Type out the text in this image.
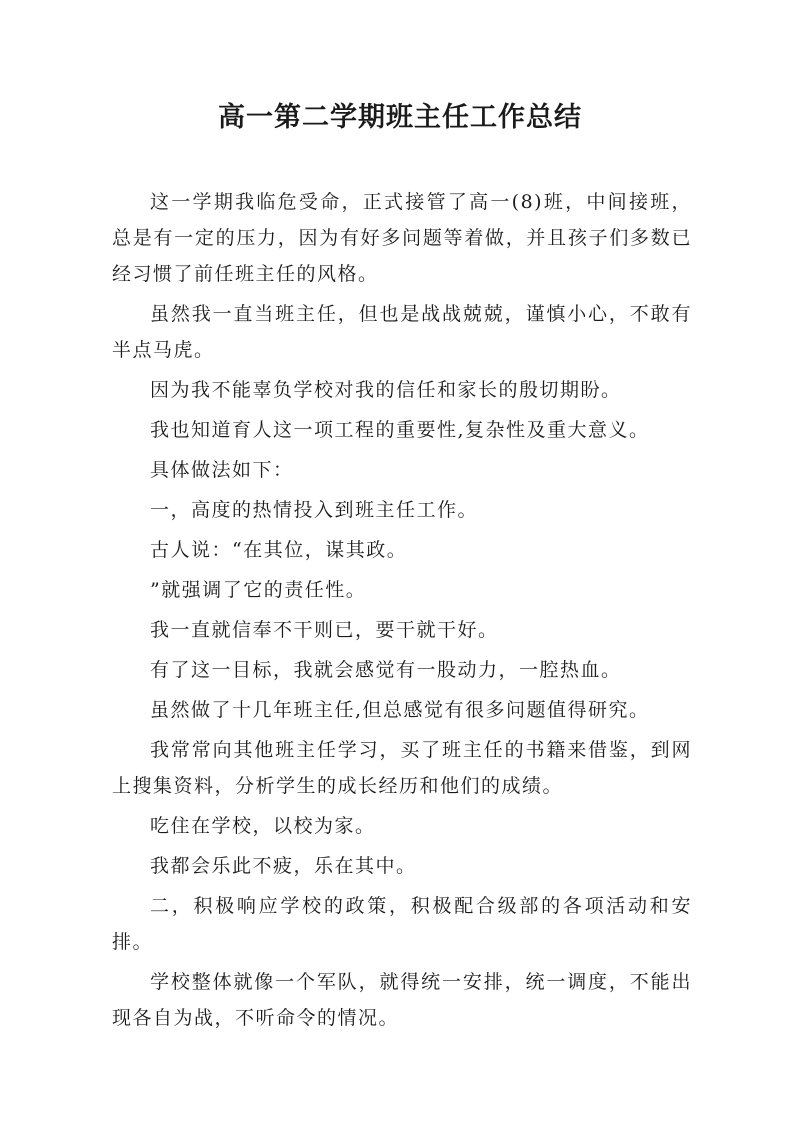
高一第二学期班主任工作总结

这一学期我临危受命，正式接管了高一(8)班，中间接班，总是有一定的压力，因为有好多问题等着做，并且孩子们多数已经习惯了前任班主任的风格。

虽然我一直当班主任，但也是战战兢兢，谨慎小心，不敢有半点马虎。

因为我不能辜负学校对我的信任和家长的殷切期盼。

我也知道育人这一项工程的重要性,复杂性及重大意义。

具体做法如下：

一，高度的热情投入到班主任工作。

古人说：“在其位，谋其政。

”就强调了它的责任性。

我一直就信奉不干则已，要干就干好。

有了这一目标，我就会感觉有一股动力，一腔热血。

虽然做了十几年班主任,但总感觉有很多问题值得研究。

我常常向其他班主任学习，买了班主任的书籍来借鉴，到网上搜集资料，分析学生的成长经历和他们的成绩。

吃住在学校，以校为家。

我都会乐此不疲，乐在其中。

二，积极响应学校的政策，积极配合级部的各项活动和安排。

学校整体就像一个军队，就得统一安排，统一调度，不能出现各自为战，不听命令的情况。
